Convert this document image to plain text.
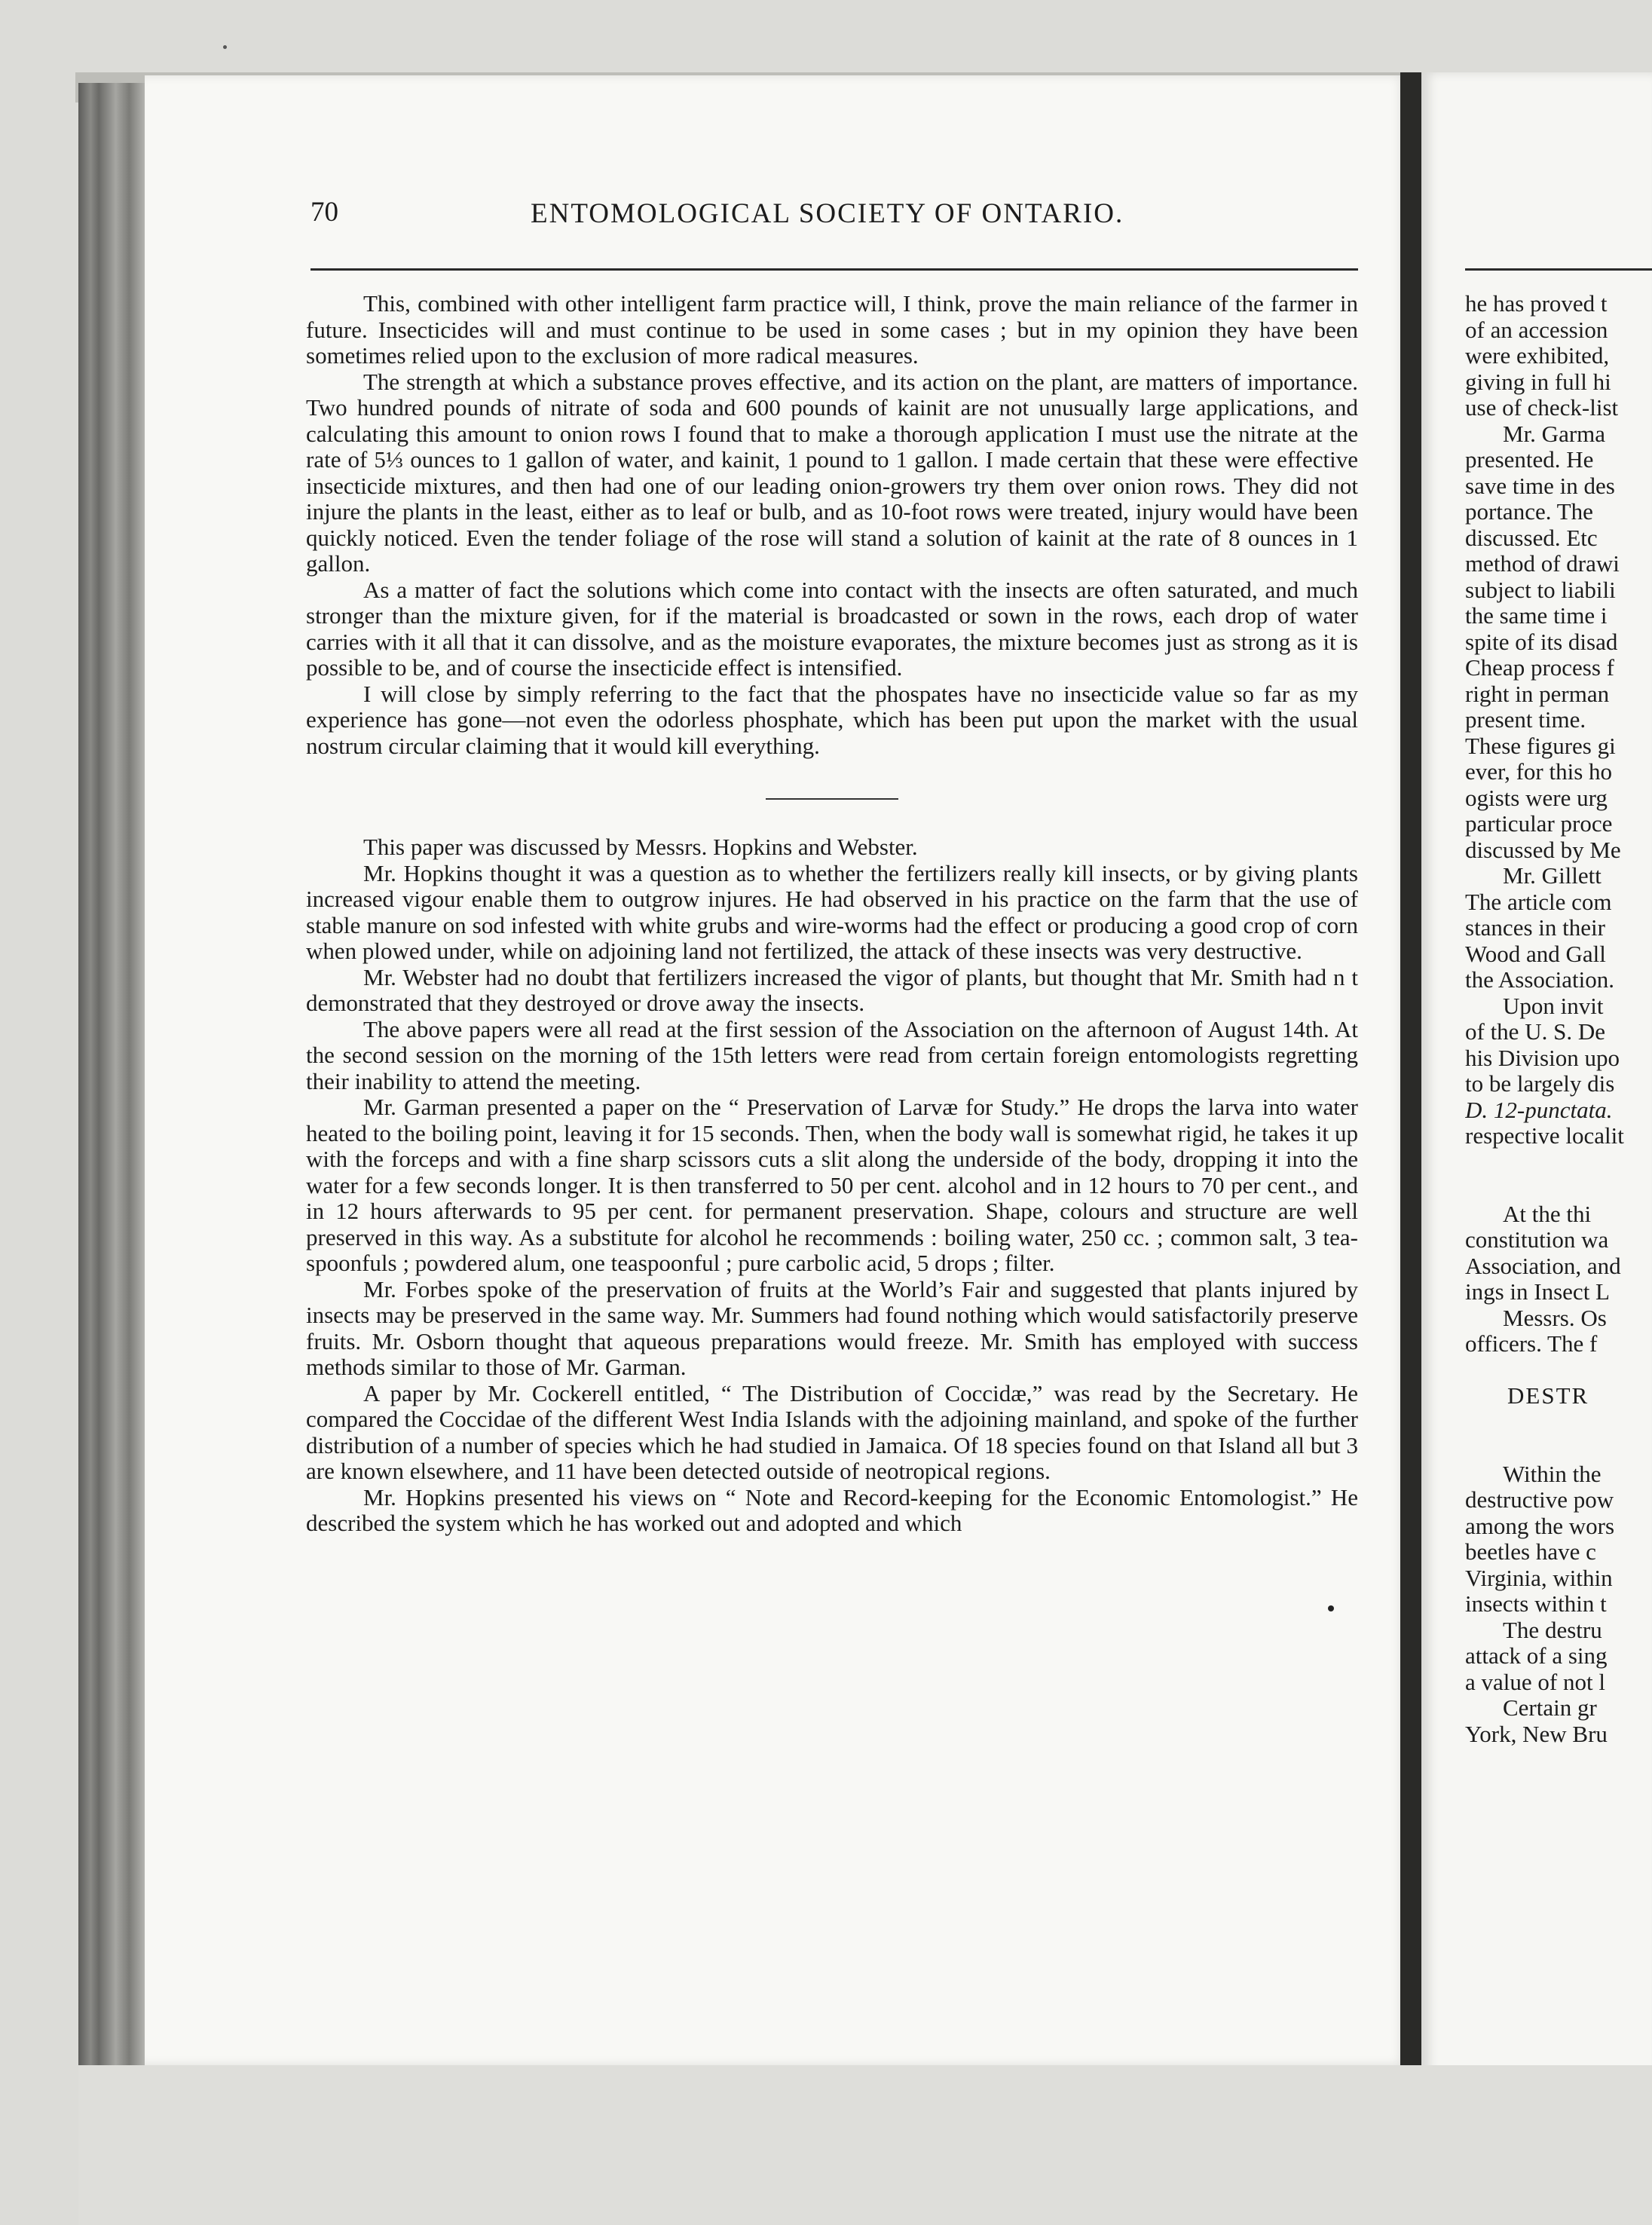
70	ENTOMOLOGICAL SOCIETY OF ONTARIO.

This, combined with other intelligent farm practice will, I think, prove the main reliance of the farmer in future. Insecticides will and must continue to be used in some cases ; but in my opinion they have been sometimes relied upon to the exclusion of more radical measures.

The strength at which a substance proves effective, and its action on the plant, are matters of importance. Two hundred pounds of nitrate of soda and 600 pounds of kainit are not unusually large applications, and calculating this amount to onion rows I found that to make a thorough application I must use the nitrate at the rate of 5⅓ ounces to 1 gallon of water, and kainit, 1 pound to 1 gallon. I made certain that these were effective insecticide mixtures, and then had one of our leading onion-growers try them over onion rows. They did not injure the plants in the least, either as to leaf or bulb, and as 10-foot rows were treated, injury would have been quickly noticed. Even the tender foliage of the rose will stand a solution of kainit at the rate of 8 ounces in 1 gallon.

As a matter of fact the solutions which come into contact with the insects are often saturated, and much stronger than the mixture given, for if the material is broadcasted or sown in the rows, each drop of water carries with it all that it can dissolve, and as the moisture evaporates, the mixture becomes just as strong as it is possible to be, and of course the insecticide effect is intensified.

I will close by simply referring to the fact that the phospates have no insecticide value so far as my experience has gone—not even the odorless phosphate, which has been put upon the market with the usual nostrum circular claiming that it would kill everything.

This paper was discussed by Messrs. Hopkins and Webster.

Mr. Hopkins thought it was a question as to whether the fertilizers really kill insects, or by giving plants increased vigour enable them to outgrow injures. He had observed in his practice on the farm that the use of stable manure on sod infested with white grubs and wire-worms had the effect or producing a good crop of corn when plowed under, while on adjoining land not fertilized, the attack of these insects was very destructive.

Mr. Webster had no doubt that fertilizers increased the vigor of plants, but thought that Mr. Smith had n t demonstrated that they destroyed or drove away the insects.

The above papers were all read at the first session of the Association on the afternoon of August 14th. At the second session on the morning of the 15th letters were read from certain foreign entomologists regretting their inability to attend the meeting.

Mr. Garman presented a paper on the “ Preservation of Larvæ for Study.” He drops the larva into water heated to the boiling point, leaving it for 15 seconds. Then, when the body wall is somewhat rigid, he takes it up with the forceps and with a fine sharp scissors cuts a slit along the underside of the body, dropping it into the water for a few seconds longer. It is then transferred to 50 per cent. alcohol and in 12 hours to 70 per cent., and in 12 hours afterwards to 95 per cent. for permanent preservation. Shape, colours and structure are well preserved in this way. As a substitute for alcohol he recommends : boiling water, 250 cc. ; common salt, 3 tea-spoonfuls ; powdered alum, one teaspoonful ; pure carbolic acid, 5 drops ; filter.

Mr. Forbes spoke of the preservation of fruits at the World’s Fair and suggested that plants injured by insects may be preserved in the same way. Mr. Summers had found nothing which would satisfactorily preserve fruits. Mr. Osborn thought that aqueous preparations would freeze. Mr. Smith has employed with success methods similar to those of Mr. Garman.

A paper by Mr. Cockerell entitled, “ The Distribution of Coccidæ,” was read by the Secretary. He compared the Coccidae of the different West India Islands with the adjoining mainland, and spoke of the further distribution of a number of species which he had studied in Jamaica. Of 18 species found on that Island all but 3 are known elsewhere, and 11 have been detected outside of neotropical regions.

Mr. Hopkins presented his views on “ Note and Record-keeping for the Economic Entomologist.” He described the system which he has worked out and adopted and which

he has proved t
of an accession
were exhibited,
giving in full hi
use of check-list
Mr. Garma
presented. He
save time in des
portance. The
discussed. Etc
method of drawi
subject to liabili
the same time i
spite of its disad
Cheap process f
right in perman
present time.
These figures gi
ever, for this ho
ogists were urg
particular proce
discussed by Me
Mr. Gillett
The article com
stances in their
Wood and Gall
the Association.
Upon invit
of the U. S. De
his Division upo
to be largely dis
D. 12-punctata.
respective localit

At the thi
constitution wa
Association, and
ings in Insect L
Messrs. Os
officers. The f

DESTR

Within the
destructive pow
among the wors
beetles have c
Virginia, within
insects within t
The destru
attack of a sing
a value of not l
Certain gr
York, New Bru
